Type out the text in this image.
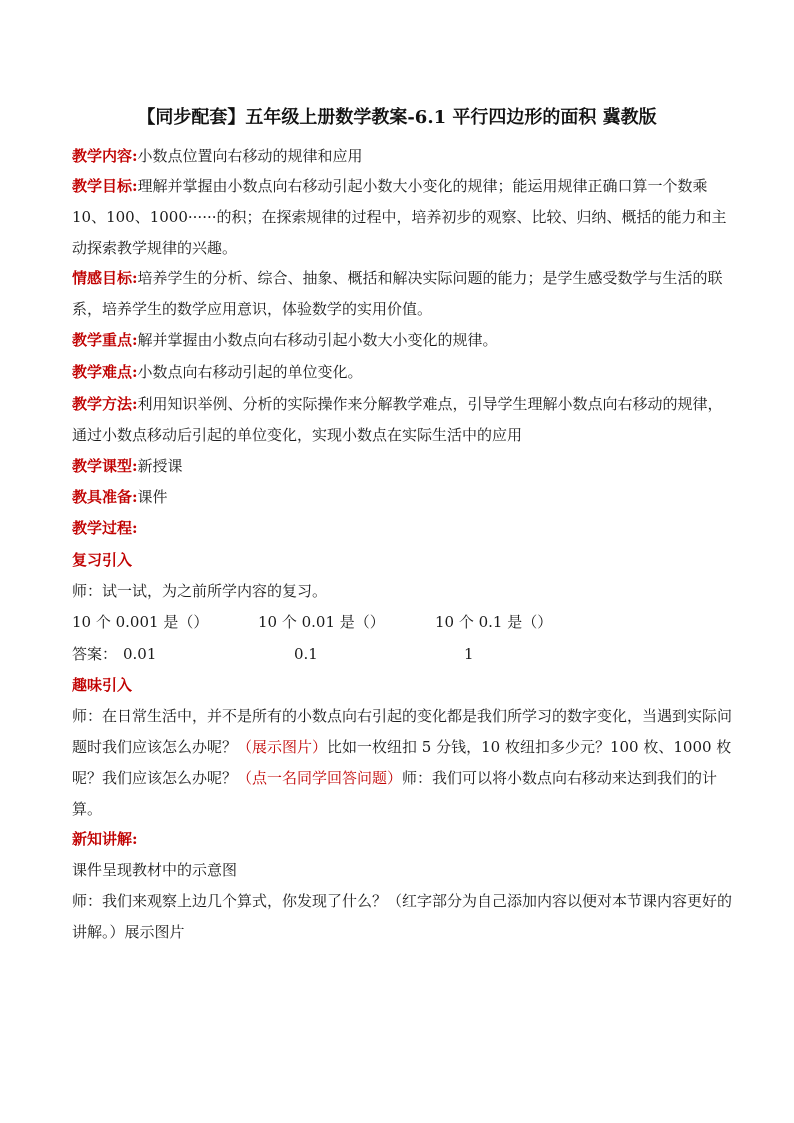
【同步配套】五年级上册数学教案-6.1 平行四边形的面积 冀教版
教学内容:小数点位置向右移动的规律和应用
教学目标:理解并掌握由小数点向右移动引起小数大小变化的规律；能运用规律正确口算一个数乘 10、100、1000······的积；在探索规律的过程中，培养初步的观察、比较、归纳、概括的能力和主动探索教学规律的兴趣。
情感目标:培养学生的分析、综合、抽象、概括和解决实际问题的能力；是学生感受数学与生活的联系，培养学生的数学应用意识，体验数学的实用价值。
教学重点:解并掌握由小数点向右移动引起小数大小变化的规律。
教学难点:小数点向右移动引起的单位变化。
教学方法:利用知识举例、分析的实际操作来分解教学难点，引导学生理解小数点向右移动的规律，通过小数点移动后引起的单位变化，实现小数点在实际生活中的应用
教学课型:新授课
教具准备:课件
教学过程:
复习引入
师：试一试，为之前所学内容的复习。
10 个 0.001 是（）	10 个 0.01 是（）	10 个 0.1 是（）
答案： 0.01	0.1	1
趣味引入
师：在日常生活中，并不是所有的小数点向右引起的变化都是我们所学习的数字变化，当遇到实际问题时我们应该怎么办呢？（展示图片）比如一枚纽扣 5 分钱，10 枚纽扣多少元？100 枚、1000 枚呢？我们应该怎么办呢？（点一名同学回答问题）师：我们可以将小数点向右移动来达到我们的计算。
新知讲解:
课件呈现教材中的示意图
师：我们来观察上边几个算式，你发现了什么？（红字部分为自己添加内容以便对本节课内容更好的讲解。）展示图片
